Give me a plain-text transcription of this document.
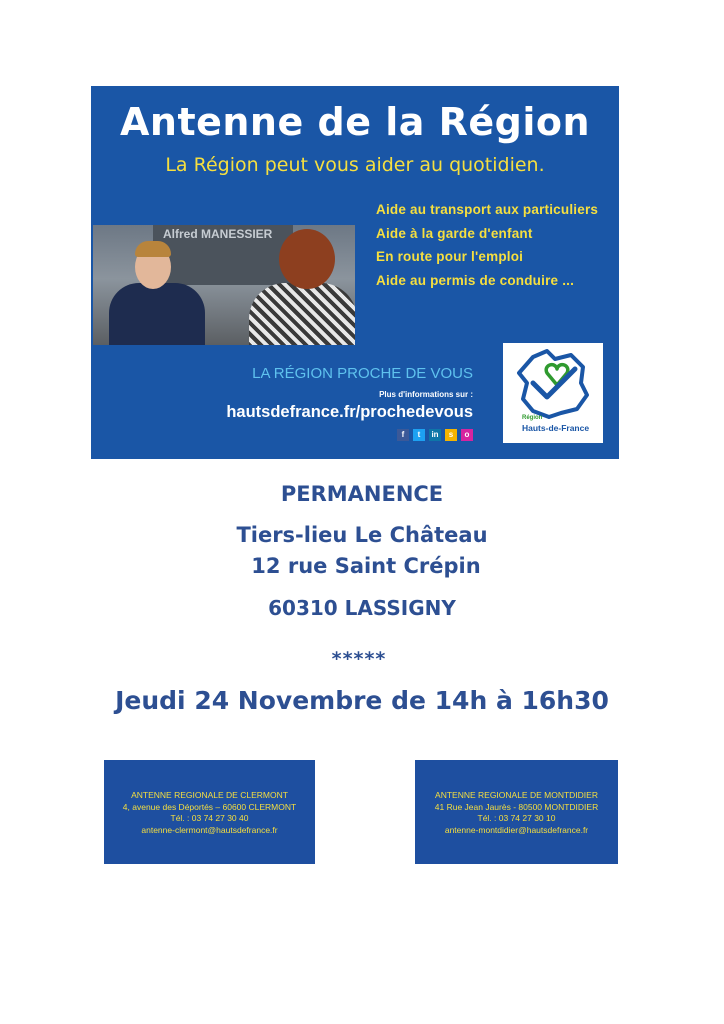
Antenne de la Région
La Région peut vous aider au quotidien.
Aide au transport aux particuliers
Aide à la garde d'enfant
En route pour l'emploi
Aide au permis de conduire ...
Alfred MANESSIER
LA RÉGION PROCHE DE VOUS
Plus d'informations sur :
hautsdefrance.fr/prochedevous
f	t	in	s	o
Région
Hauts-de-France
PERMANENCE
Tiers-lieu Le Château
12 rue Saint Crépin
60310 LASSIGNY
*****
Jeudi 24 Novembre de 14h à 16h30
ANTENNE REGIONALE DE CLERMONT
4, avenue des Déportés – 60600 CLERMONT
Tél. : 03 74 27 30 40
antenne-clermont@hautsdefrance.fr
ANTENNE REGIONALE DE MONTDIDIER
41 Rue Jean Jaurès - 80500 MONTDIDIER
Tél. : 03 74 27 30 10
antenne-montdidier@hautsdefrance.fr
